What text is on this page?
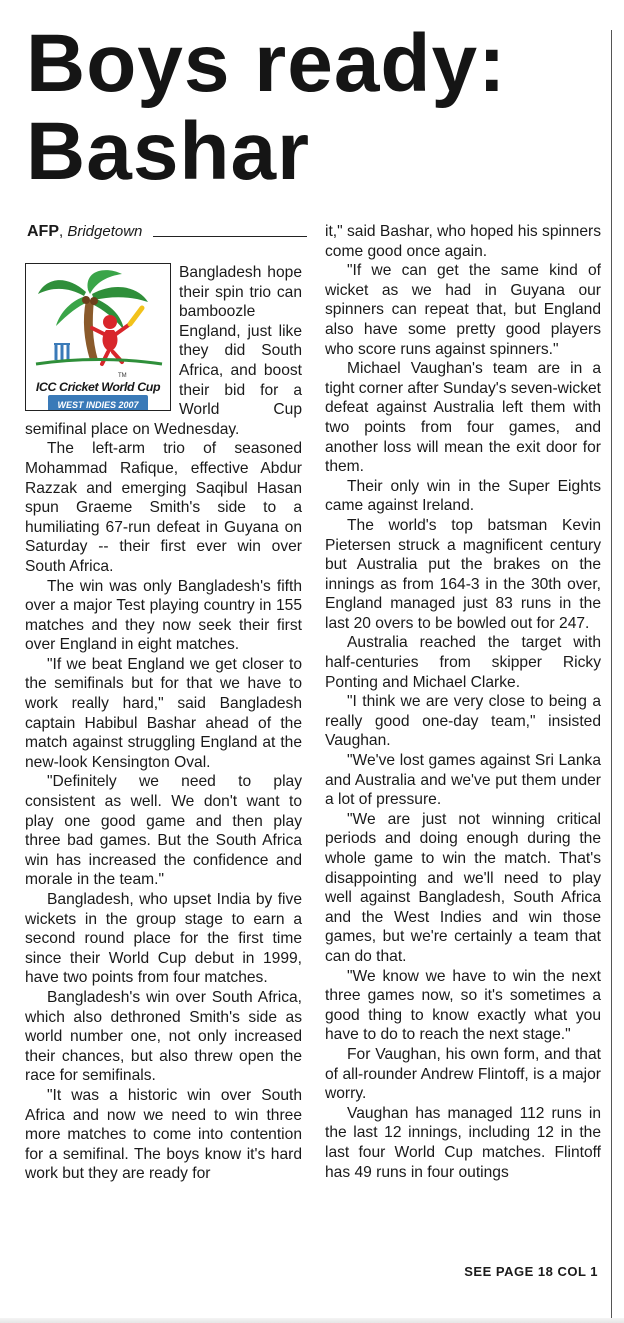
Boys ready: Bashar
AFP, Bridgetown
TM
ICC Cricket World Cup
WEST INDIES 2007

Bangladesh hope their spin trio can bamboozle England, just like they did South Africa, and boost their bid for a World Cup semifinal place on Wednesday.

The left-arm trio of seasoned Mohammad Rafique, effective Abdur Razzak and emerging Saqibul Hasan spun Graeme Smith's side to a humiliating 67-run defeat in Guyana on Saturday -- their first ever win over South Africa.

The win was only Bangladesh's fifth over a major Test playing country in 155 matches and they now seek their first over England in eight matches.

"If we beat England we get closer to the semifinals but for that we have to work really hard," said Bangladesh captain Habibul Bashar ahead of the match against struggling England at the new-look Kensington Oval.

"Definitely we need to play consistent as well. We don't want to play one good game and then play three bad games. But the South Africa win has increased the confidence and morale in the team."

Bangladesh, who upset India by five wickets in the group stage to earn a second round place for the first time since their World Cup debut in 1999, have two points from four matches.

Bangladesh's win over South Africa, which also dethroned Smith's side as world number one, not only increased their chances, but also threw open the race for semifinals.

"It was a historic win over South Africa and now we need to win three more matches to come into contention for a semifinal. The boys know it's hard work but they are ready for

it," said Bashar, who hoped his spinners come good once again.

"If we can get the same kind of wicket as we had in Guyana our spinners can repeat that, but England also have some pretty good players who score runs against spinners."

Michael Vaughan's team are in a tight corner after Sunday's seven-wicket defeat against Australia left them with two points from four games, and another loss will mean the exit door for them.

Their only win in the Super Eights came against Ireland.

The world's top batsman Kevin Pietersen struck a magnificent century but Australia put the brakes on the innings as from 164-3 in the 30th over, England managed just 83 runs in the last 20 overs to be bowled out for 247.

Australia reached the target with half-centuries from skipper Ricky Ponting and Michael Clarke.

"I think we are very close to being a really good one-day team," insisted Vaughan.

"We've lost games against Sri Lanka and Australia and we've put them under a lot of pressure.

"We are just not winning critical periods and doing enough during the whole game to win the match. That's disappointing and we'll need to play well against Bangladesh, South Africa and the West Indies and win those games, but we're certainly a team that can do that.

"We know we have to win the next three games now, so it's sometimes a good thing to know exactly what you have to do to reach the next stage."

For Vaughan, his own form, and that of all-rounder Andrew Flintoff, is a major worry.

Vaughan has managed 112 runs in the last 12 innings, including 12 in the last four World Cup matches. Flintoff has 49 runs in four outings

SEE PAGE 18 COL 1
